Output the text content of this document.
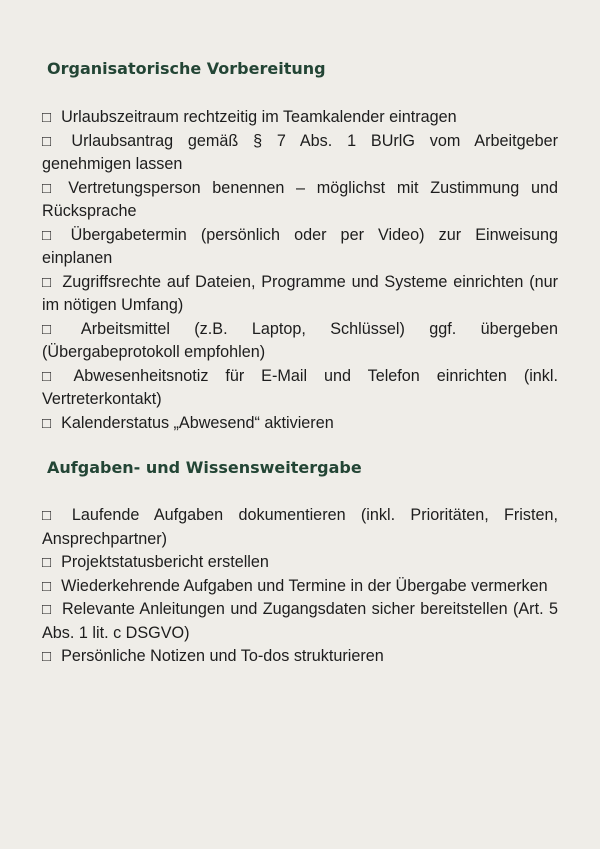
Organisatorische Vorbereitung
□ Urlaubszeitraum rechtzeitig im Teamkalender eintragen
□ Urlaubsantrag gemäß § 7 Abs. 1 BUrlG vom Arbeitgeber genehmigen lassen
□ Vertretungsperson benennen – möglichst mit Zustimmung und Rücksprache
□ Übergabetermin (persönlich oder per Video) zur Einweisung einplanen
□ Zugriffsrechte auf Dateien, Programme und Systeme einrichten (nur im nötigen Umfang)
□ Arbeitsmittel (z.B. Laptop, Schlüssel) ggf. übergeben (Übergabeprotokoll empfohlen)
□ Abwesenheitsnotiz für E-Mail und Telefon einrichten (inkl. Vertreterkontakt)
□ Kalenderstatus „Abwesend“ aktivieren
Aufgaben- und Wissensweitergabe
□ Laufende Aufgaben dokumentieren (inkl. Prioritäten, Fristen, Ansprechpartner)
□ Projektstatusbericht erstellen
□ Wiederkehrende Aufgaben und Termine in der Übergabe vermerken
□ Relevante Anleitungen und Zugangsdaten sicher bereitstellen (Art. 5 Abs. 1 lit. c DSGVO)
□ Persönliche Notizen und To-dos strukturieren
